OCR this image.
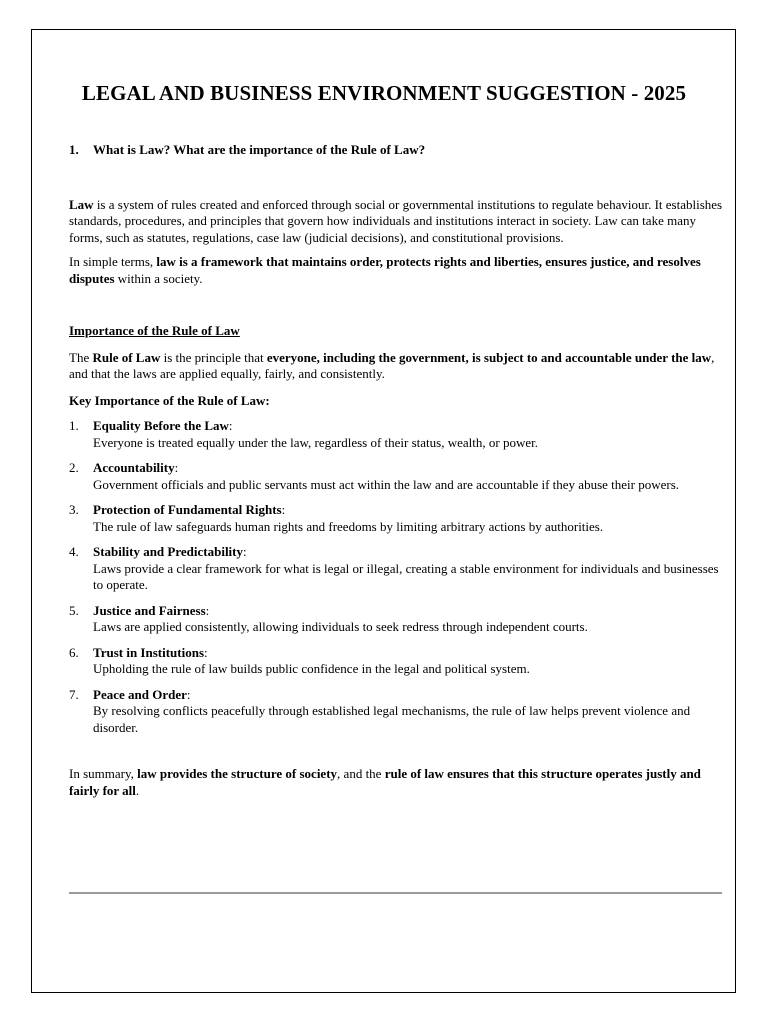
LEGAL AND BUSINESS ENVIRONMENT SUGGESTION - 2025
1.	What is Law? What are the importance of the Rule of Law?

Law is a system of rules created and enforced through social or governmental institutions to regulate behaviour. It establishes standards, procedures, and principles that govern how individuals and institutions interact in society. Law can take many forms, such as statutes, regulations, case law (judicial decisions), and constitutional provisions.

In simple terms, law is a framework that maintains order, protects rights and liberties, ensures justice, and resolves disputes within a society.

Importance of the Rule of Law

The Rule of Law is the principle that everyone, including the government, is subject to and accountable under the law, and that the laws are applied equally, fairly, and consistently.

Key Importance of the Rule of Law:

1.	Equality Before the Law:
Everyone is treated equally under the law, regardless of their status, wealth, or power.
2.	Accountability:
Government officials and public servants must act within the law and are accountable if they abuse their powers.
3.	Protection of Fundamental Rights:
The rule of law safeguards human rights and freedoms by limiting arbitrary actions by authorities.
4.	Stability and Predictability:
Laws provide a clear framework for what is legal or illegal, creating a stable environment for individuals and businesses to operate.
5.	Justice and Fairness:
Laws are applied consistently, allowing individuals to seek redress through independent courts.
6.	Trust in Institutions:
Upholding the rule of law builds public confidence in the legal and political system.
7.	Peace and Order:
By resolving conflicts peacefully through established legal mechanisms, the rule of law helps prevent violence and disorder.

In summary, law provides the structure of society, and the rule of law ensures that this structure operates justly and fairly for all.
